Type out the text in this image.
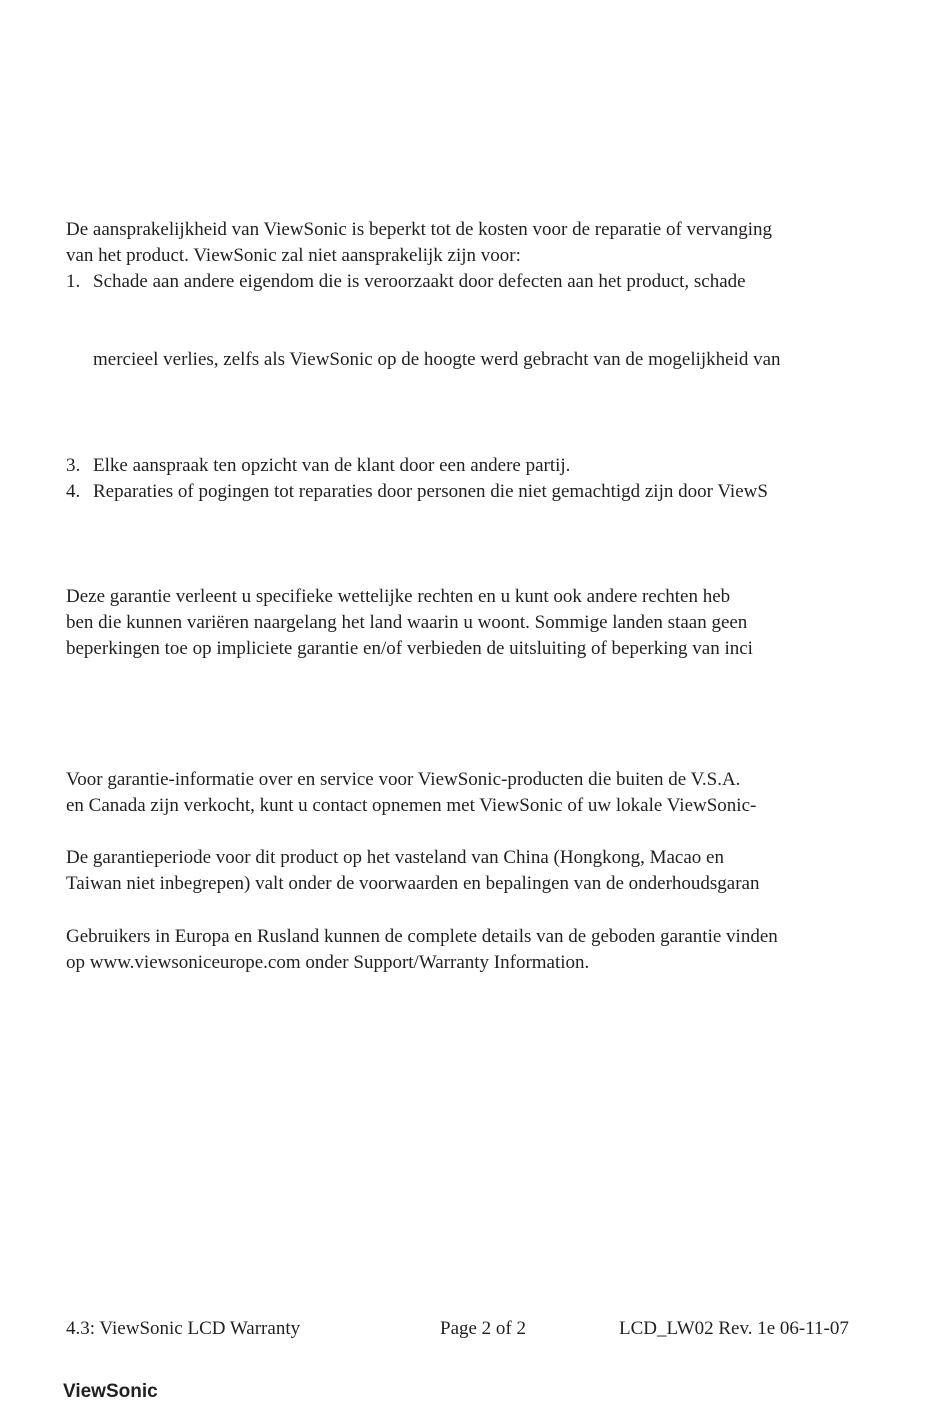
De aansprakelijkheid van ViewSonic is beperkt tot de kosten voor de reparatie of vervanging
van het product. ViewSonic zal niet aansprakelijk zijn voor:
1. Schade aan andere eigendom die is veroorzaakt door defecten aan het product, schade
mercieel verlies, zelfs als ViewSonic op de hoogte werd gebracht van de mogelijkheid van
3. Elke aanspraak ten opzicht van de klant door een andere partij.
4. Reparaties of pogingen tot reparaties door personen die niet gemachtigd zijn door ViewS
Deze garantie verleent u specifieke wettelijke rechten en u kunt ook andere rechten heb
ben die kunnen variëren naargelang het land waarin u woont. Sommige landen staan geen
beperkingen toe op impliciete garantie en/of verbieden de uitsluiting of beperking van inci
Voor garantie-informatie over en service voor ViewSonic-producten die buiten de V.S.A.
en Canada zijn verkocht, kunt u contact opnemen met ViewSonic of uw lokale ViewSonic-
De garantieperiode voor dit product op het vasteland van China (Hongkong, Macao en
Taiwan niet inbegrepen) valt onder de voorwaarden en bepalingen van de onderhoudsgaran
Gebruikers in Europa en Rusland kunnen de complete details van de geboden garantie vinden
op www.viewsoniceurope.com onder Support/Warranty Information.
4.3: ViewSonic LCD Warranty	Page 2 of 2	LCD_LW02 Rev. 1e 06-11-07
ViewSonic
